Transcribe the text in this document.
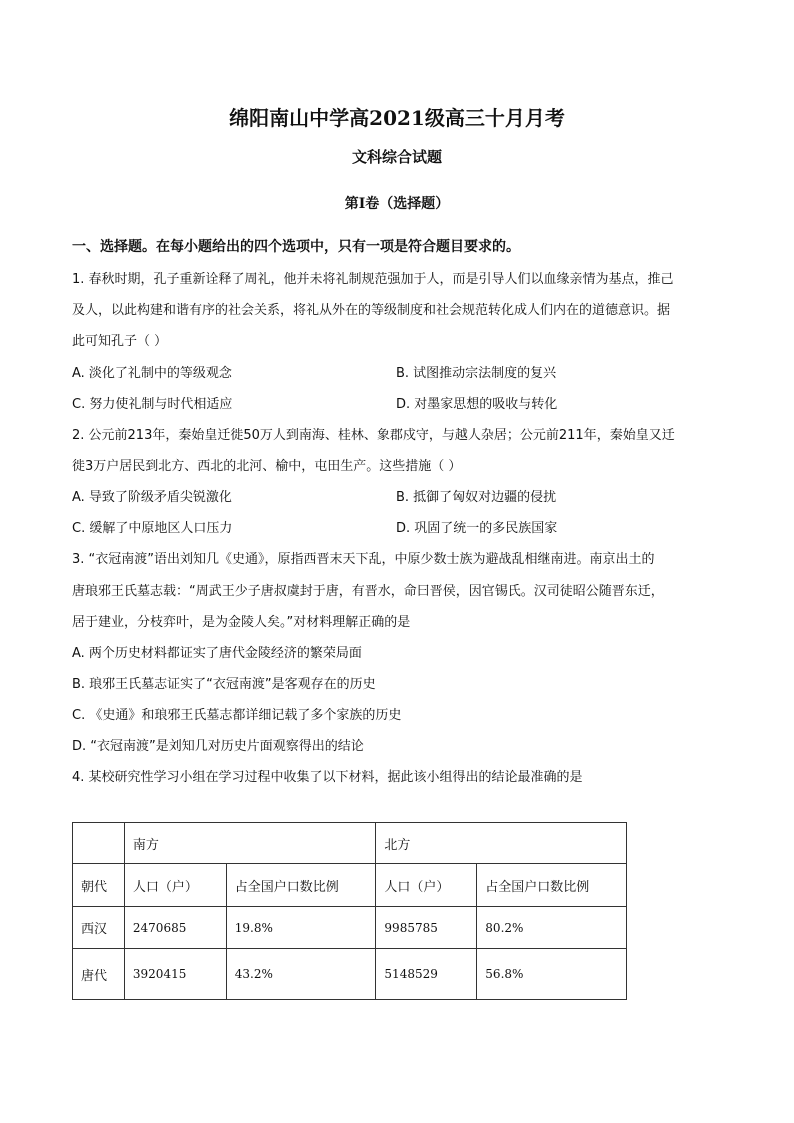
绵阳南山中学高2021级高三十月月考
文科综合试题
第Ⅰ卷（选择题）
一、选择题。在每小题给出的四个选项中，只有一项是符合题目要求的。
1. 春秋时期，孔子重新诠释了周礼，他并未将礼制规范强加于人，而是引导人们以血缘亲情为基点，推己
及人，以此构建和谐有序的社会关系，将礼从外在的等级制度和社会规范转化成人们内在的道德意识。据
此可知孔子（ ）
A. 淡化了礼制中的等级观念	B. 试图推动宗法制度的复兴
C. 努力使礼制与时代相适应	D. 对墨家思想的吸收与转化
2. 公元前213年，秦始皇迁徙50万人到南海、桂林、象郡戍守，与越人杂居；公元前211年，秦始皇又迁
徙3万户居民到北方、西北的北河、榆中，屯田生产。这些措施（ ）
A. 导致了阶级矛盾尖锐激化	B. 抵御了匈奴对边疆的侵扰
C. 缓解了中原地区人口压力	D. 巩固了统一的多民族国家
3. “衣冠南渡”语出刘知几《史通》，原指西晋末天下乱，中原少数士族为避战乱相继南进。南京出土的
唐琅邪王氏墓志载：“周武王少子唐叔虞封于唐，有晋水，命曰晋侯，因官锡氏。汉司徒昭公随晋东迁，
居于建业，分枝弈叶，是为金陵人矣。”对材料理解正确的是
A. 两个历史材料都证实了唐代金陵经济的繁荣局面
B. 琅邪王氏墓志证实了“衣冠南渡”是客观存在的历史
C. 《史通》和琅邪王氏墓志都详细记载了多个家族的历史
D. “衣冠南渡”是刘知几对历史片面观察得出的结论
4. 某校研究性学习小组在学习过程中收集了以下材料，据此该小组得出的结论最准确的是
	南方		北方	
朝代	人口（户）	占全国户口数比例	人口（户）	占全国户口数比例
西汉	2470685	19.8%	9985785	80.2%
唐代	3920415	43.2%	5148529	56.8%
